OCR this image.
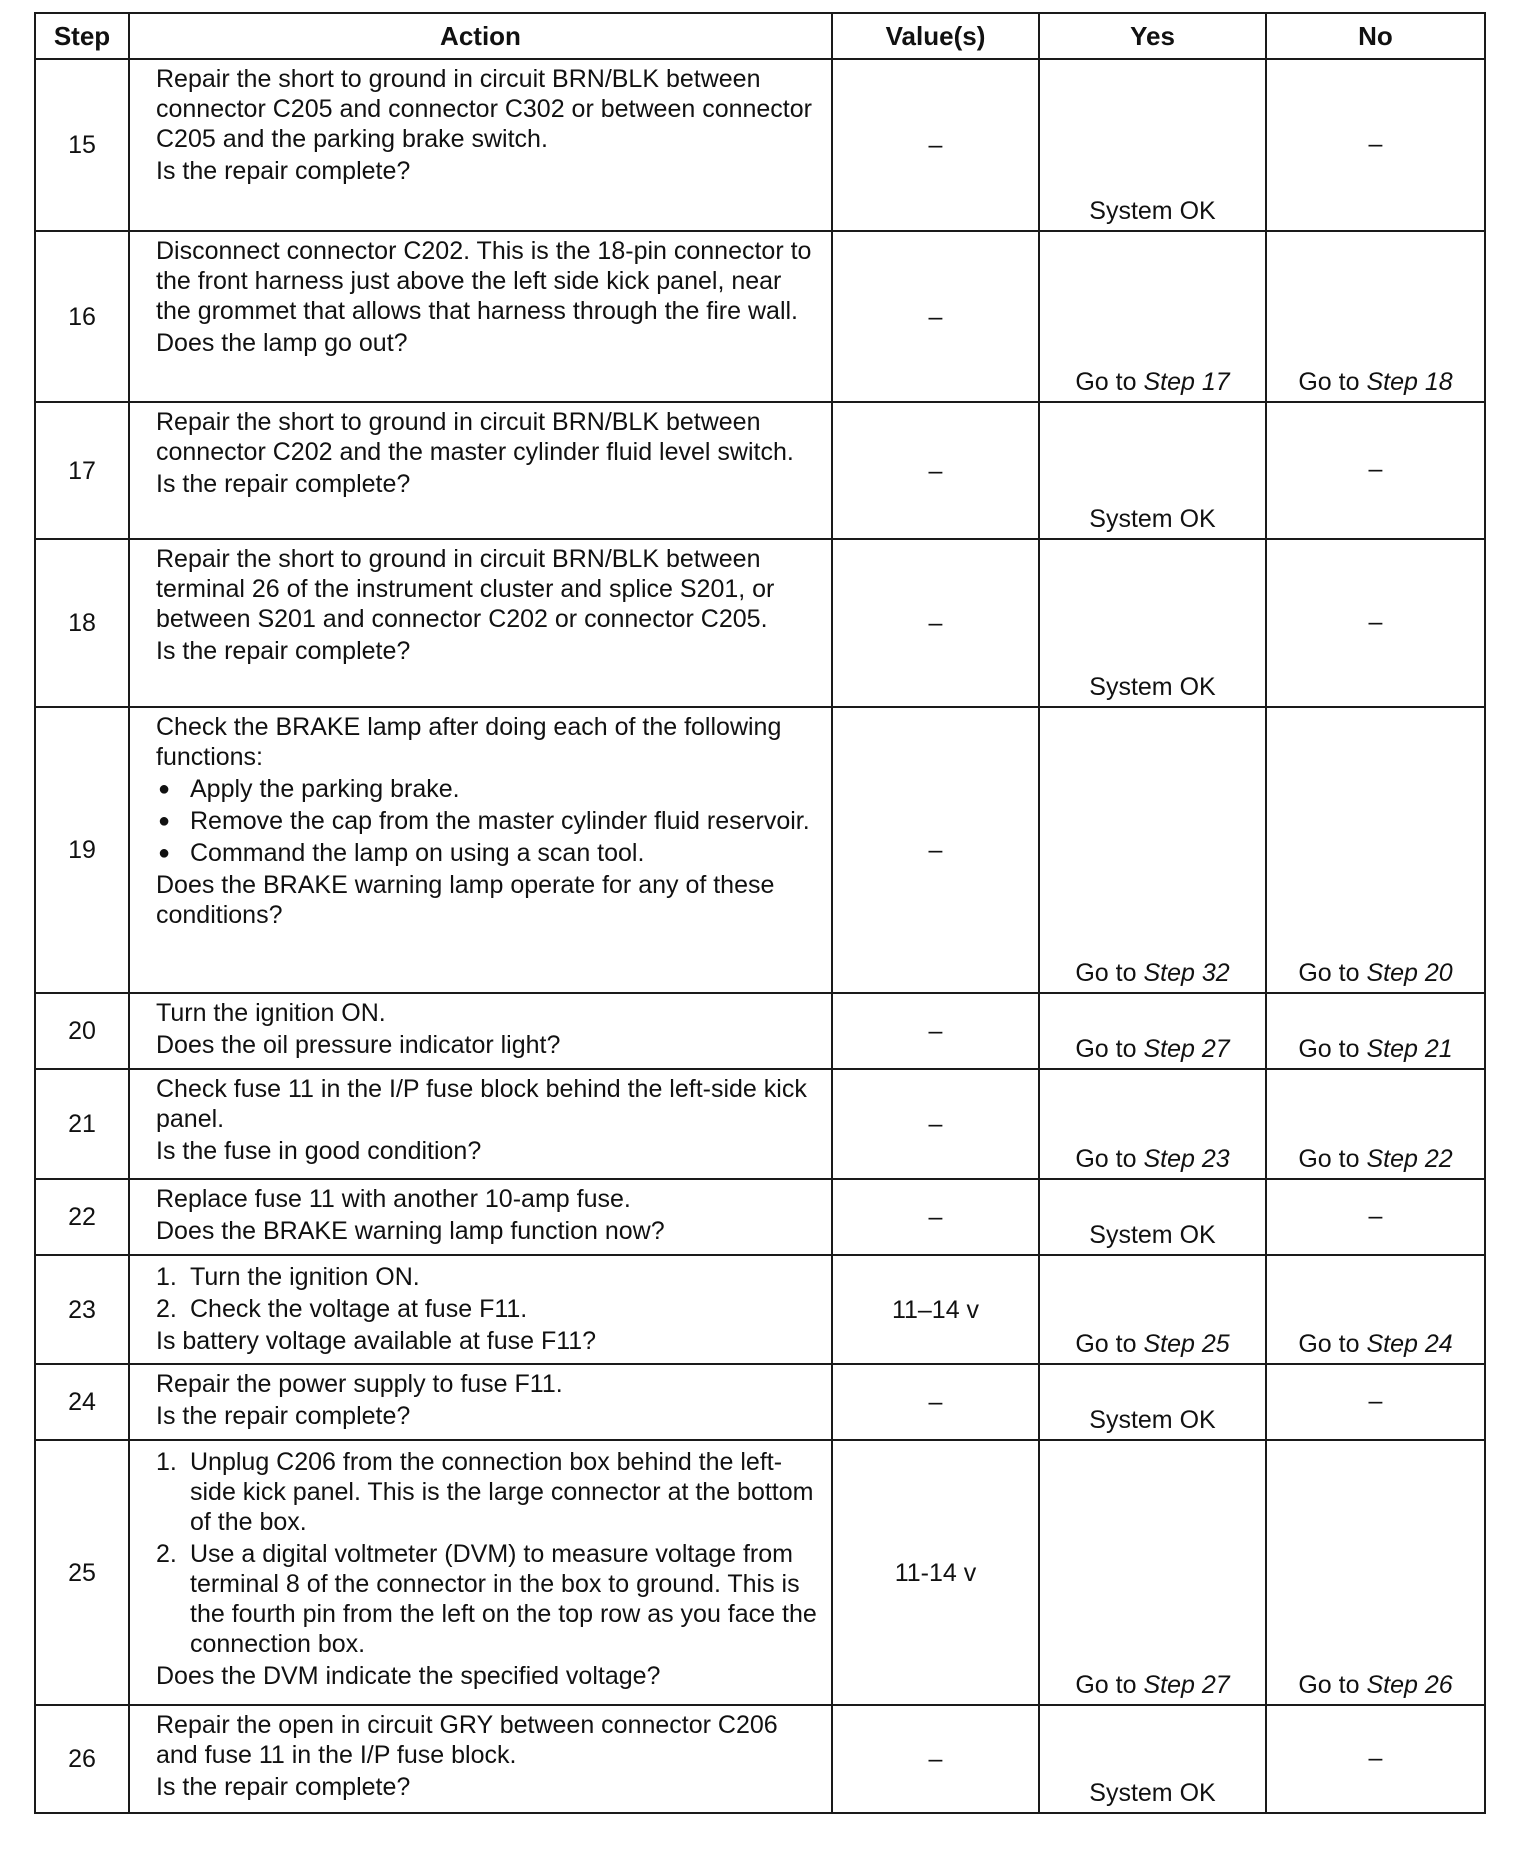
Step	Action	Value(s)	Yes	No
15	Repair the short to ground in circuit BRN/BLK between connector C205 and connector C302 or between connector C205 and the parking brake switch.
Is the repair complete?	–	System OK	–
16	Disconnect connector C202. This is the 18-pin connector to the front harness just above the left side kick panel, near the grommet that allows that harness through the fire wall.
Does the lamp go out?	–	Go to Step 17	Go to Step 18
17	Repair the short to ground in circuit BRN/BLK between connector C202 and the master cylinder fluid level switch.
Is the repair complete?	–	System OK	–
18	Repair the short to ground in circuit BRN/BLK between terminal 26 of the instrument cluster and splice S201, or between S201 and connector C202 or connector C205.
Is the repair complete?	–	System OK	–
19	Check the BRAKE lamp after doing each of the following functions:
● Apply the parking brake.
● Remove the cap from the master cylinder fluid reservoir.
● Command the lamp on using a scan tool.
Does the BRAKE warning lamp operate for any of these conditions?	–	Go to Step 32	Go to Step 20
20	Turn the ignition ON.
Does the oil pressure indicator light?	–	Go to Step 27	Go to Step 21
21	Check fuse 11 in the I/P fuse block behind the left-side kick panel.
Is the fuse in good condition?	–	Go to Step 23	Go to Step 22
22	Replace fuse 11 with another 10-amp fuse.
Does the BRAKE warning lamp function now?	–	System OK	–
23	1. Turn the ignition ON.
2. Check the voltage at fuse F11.
Is battery voltage available at fuse F11?	11–14 v	Go to Step 25	Go to Step 24
24	Repair the power supply to fuse F11.
Is the repair complete?	–	System OK	–
25	1. Unplug C206 from the connection box behind the left-side kick panel. This is the large connector at the bottom of the box.
2. Use a digital voltmeter (DVM) to measure voltage from terminal 8 of the connector in the box to ground. This is the fourth pin from the left on the top row as you face the connection box.
Does the DVM indicate the specified voltage?	11-14 v	Go to Step 27	Go to Step 26
26	Repair the open in circuit GRY between connector C206 and fuse 11 in the I/P fuse block.
Is the repair complete?	–	System OK	–
